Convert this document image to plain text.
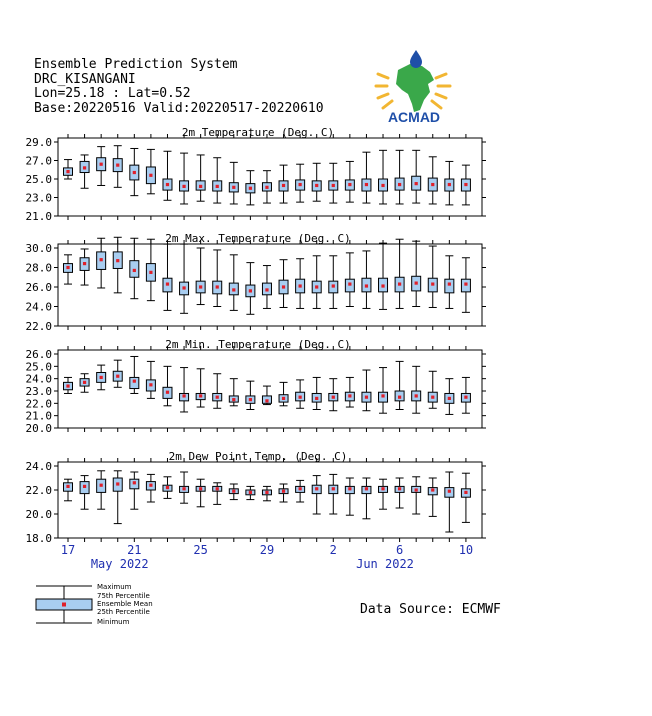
Ensemble Prediction System
DRC_KISANGANI
Lon=25.18 : Lat=0.52
Base:20220516 Valid:20220517-20220610
ACMAD
2m Temperature (Deg. C)
29.0
27.0
25.0
23.0
21.0
2m Max. Temperature (Deg. C)
30.0
28.0
26.0
24.0
22.0
2m Min. Temperature (Deg. C)
26.0
25.0
24.0
23.0
22.0
21.0
20.0
2m Dew Point Temp. (Deg. C)
24.0
22.0
20.0
18.0
17	21	25	29	2	6	10
May 2022	Jun 2022
Maximum
75th Percentile
Ensemble Mean
25th Percentile
Minimum
Data Source: ECMWF
